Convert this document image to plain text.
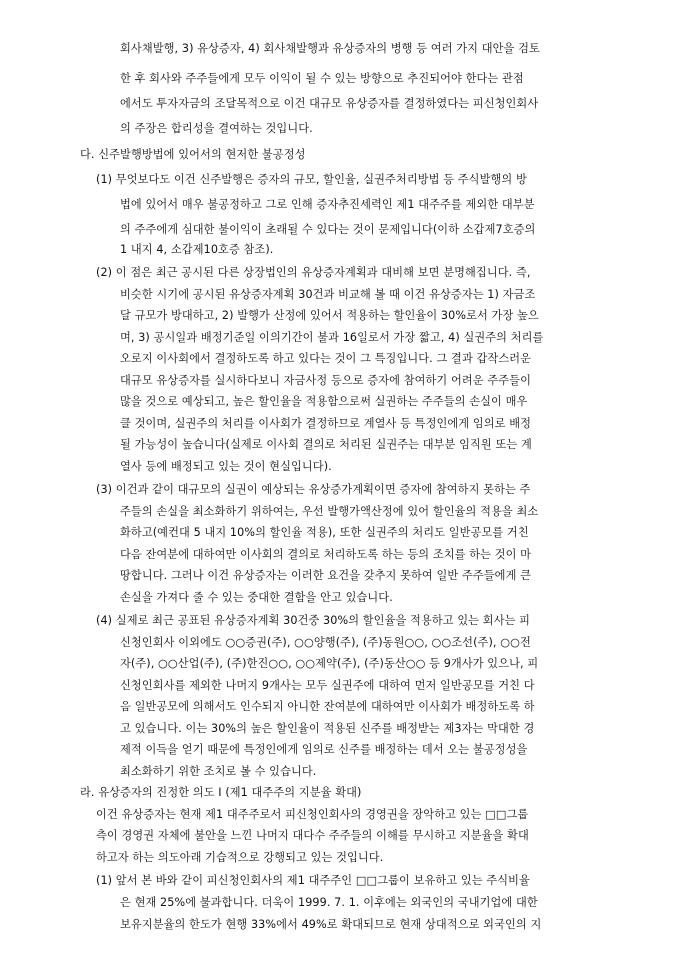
회사채발행, 3) 유상증자, 4) 회사채발행과 유상증자의 병행 등 여러 가지 대안을 검토
한 후 회사와 주주들에게 모두 이익이 될 수 있는 방향으로 추진되어야 한다는 관점
에서도 투자자금의 조달목적으로 이건 대규모 유상증자를 결정하였다는 피신청인회사
의 주장은 합리성을 결여하는 것입니다.
다. 신주발행방법에 있어서의 현저한 불공정성
(1) 무엇보다도 이건 신주발행은 증자의 규모, 할인율, 실권주처리방법 등 주식발행의 방
법에 있어서 매우 불공정하고 그로 인해 증자추진세력인 제1 대주주를 제외한 대부분
의 주주에게 심대한 불이익이 초래될 수 있다는 것이 문제입니다(이하 소갑제7호증의
1 내지 4, 소갑제10호증 참조).
(2) 이 점은 최근 공시된 다른 상장법인의 유상증자계획과 대비해 보면 분명해집니다. 즉,
비슷한 시기에 공시된 유상증자계획 30건과 비교해 볼 때 이건 유상증자는 1) 자금조
달 규모가 방대하고, 2) 발행가 산정에 있어서 적용하는 할인율이 30%로서 가장 높으
며, 3) 공시일과 배정기준일 이의기간이 불과 16일로서 가장 짧고, 4) 실권주의 처리를
오로지 이사회에서 결정하도록 하고 있다는 것이 그 특징입니다. 그 결과 갑작스러운
대규모 유상증자를 실시하다보니 자금사정 등으로 증자에 참여하기 어려운 주주들이
많을 것으로 예상되고, 높은 할인율을 적용함으로써 실권하는 주주들의 손실이 매우
클 것이며, 실권주의 처리를 이사회가 결정하므로 계열사 등 특정인에게 임의로 배정
될 가능성이 높습니다(실제로 이사회 결의로 처리된 실권주는 대부분 임직원 또는 계
열사 등에 배정되고 있는 것이 현실입니다).
(3) 이건과 같이 대규모의 실권이 예상되는 유상증가계획이면 증자에 참여하지 못하는 주
주들의 손실을 최소화하기 위하여는, 우선 발행가액산정에 있어 할인율의 적용을 최소
화하고(예컨대 5 내지 10%의 할인율 적용), 또한 실권주의 처리도 일반공모를 거친
다음 잔여분에 대하여만 이사회의 결의로 처리하도록 하는 등의 조치를 하는 것이 마
땅합니다. 그러나 이건 유상증자는 이러한 요건을 갖추지 못하여 일반 주주들에게 큰
손실을 가져다 줄 수 있는 중대한 결함을 안고 있습니다.
(4) 실제로 최근 공표된 유상증자계획 30건중 30%의 할인율을 적용하고 있는 회사는 피
신청인회사 이외에도 ○○증권(주), ○○양행(주), (주)동원○○, ○○조선(주), ○○전
자(주), ○○산업(주), (주)한진○○, ○○제약(주), (주)동산○○ 등 9개사가 있으나, 피
신청인회사를 제외한 나머지 9개사는 모두 실권주에 대하여 먼저 일반공모를 거친 다
음 일반공모에 의해서도 인수되지 아니한 잔여분에 대하여만 이사회가 배정하도록 하
고 있습니다. 이는 30%의 높은 할인율이 적용된 신주를 배정받는 제3자는 막대한 경
제적 이득을 얻기 때문에 특정인에게 임의로 신주를 배정하는 데서 오는 불공정성을
최소화하기 위한 조치로 볼 수 있습니다.
라. 유상증자의 진정한 의도 Ⅰ (제1 대주주의 지분율 확대)
이건 유상증자는 현재 제1 대주주로서 피신청인회사의 경영권을 장악하고 있는 □□그룹
측이 경영권 자체에 불안을 느낀 나머지 대다수 주주들의 이해를 무시하고 지분율을 확대
하고자 하는 의도아래 기습적으로 강행되고 있는 것입니다.
(1) 앞서 본 바와 같이 피신청인회사의 제1 대주주인 □□그룹이 보유하고 있는 주식비율
은 현재 25%에 불과합니다. 더욱이 1999. 7. 1. 이후에는 외국인의 국내기업에 대한
보유지분율의 한도가 현행 33%에서 49%로 확대되므로 현재 상대적으로 외국인의 지
